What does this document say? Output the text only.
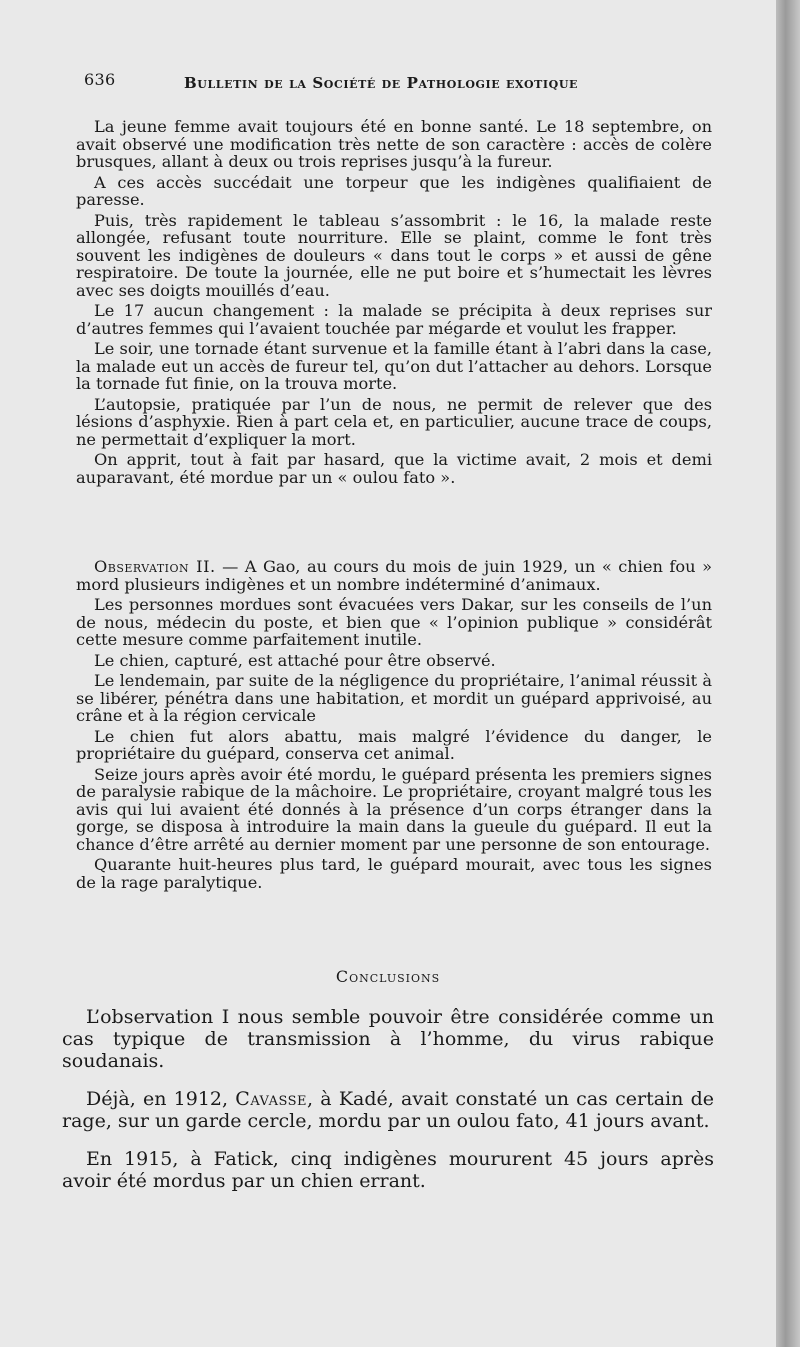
636	Bulletin de la Société de Pathologie exotique

La jeune femme avait toujours été en bonne santé. Le 18 septembre, on avait observé une modification très nette de son caractère : accès de colère brusques, allant à deux ou trois reprises jusqu’à la fureur.

A ces accès succédait une torpeur que les indigènes qualifiaient de paresse.

Puis, très rapidement le tableau s’assombrit : le 16, la malade reste allongée, refusant toute nourriture. Elle se plaint, comme le font très souvent les indigènes de douleurs « dans tout le corps » et aussi de gêne respiratoire. De toute la journée, elle ne put boire et s’humectait les lèvres avec ses doigts mouillés d’eau.

Le 17 aucun changement : la malade se précipita à deux reprises sur d’autres femmes qui l’avaient touchée par mégarde et voulut les frapper.

Le soir, une tornade étant survenue et la famille étant à l’abri dans la case, la malade eut un accès de fureur tel, qu’on dut l’attacher au dehors. Lorsque la tornade fut finie, on la trouva morte.

L’autopsie, pratiquée par l’un de nous, ne permit de relever que des lésions d’asphyxie. Rien à part cela et, en particulier, aucune trace de coups, ne permettait d’expliquer la mort.

On apprit, tout à fait par hasard, que la victime avait, 2 mois et demi auparavant, été mordue par un « oulou fato ».

Observation II. — A Gao, au cours du mois de juin 1929, un « chien fou » mord plusieurs indigènes et un nombre indéterminé d’animaux.

Les personnes mordues sont évacuées vers Dakar, sur les conseils de l’un de nous, médecin du poste, et bien que « l’opinion publique » considérât cette mesure comme parfaitement inutile.

Le chien, capturé, est attaché pour être observé.

Le lendemain, par suite de la négligence du propriétaire, l’animal réussit à se libérer, pénétra dans une habitation, et mordit un guépard apprivoisé, au crâne et à la région cervicale

Le chien fut alors abattu, mais malgré l’évidence du danger, le propriétaire du guépard, conserva cet animal.

Seize jours après avoir été mordu, le guépard présenta les premiers signes de paralysie rabique de la mâchoire. Le propriétaire, croyant malgré tous les avis qui lui avaient été donnés à la présence d’un corps étranger dans la gorge, se disposa à introduire la main dans la gueule du guépard. Il eut la chance d’être arrêté au dernier moment par une personne de son entourage.

Quarante huit-heures plus tard, le guépard mourait, avec tous les signes de la rage paralytique.

Conclusions

L’observation I nous semble pouvoir être considérée comme un cas typique de transmission à l’homme, du virus rabique soudanais.

Déjà, en 1912, Cavasse, à Kadé, avait constaté un cas certain de rage, sur un garde cercle, mordu par un oulou fato, 41 jours avant.

En 1915, à Fatick, cinq indigènes moururent 45 jours après avoir été mordus par un chien errant.
